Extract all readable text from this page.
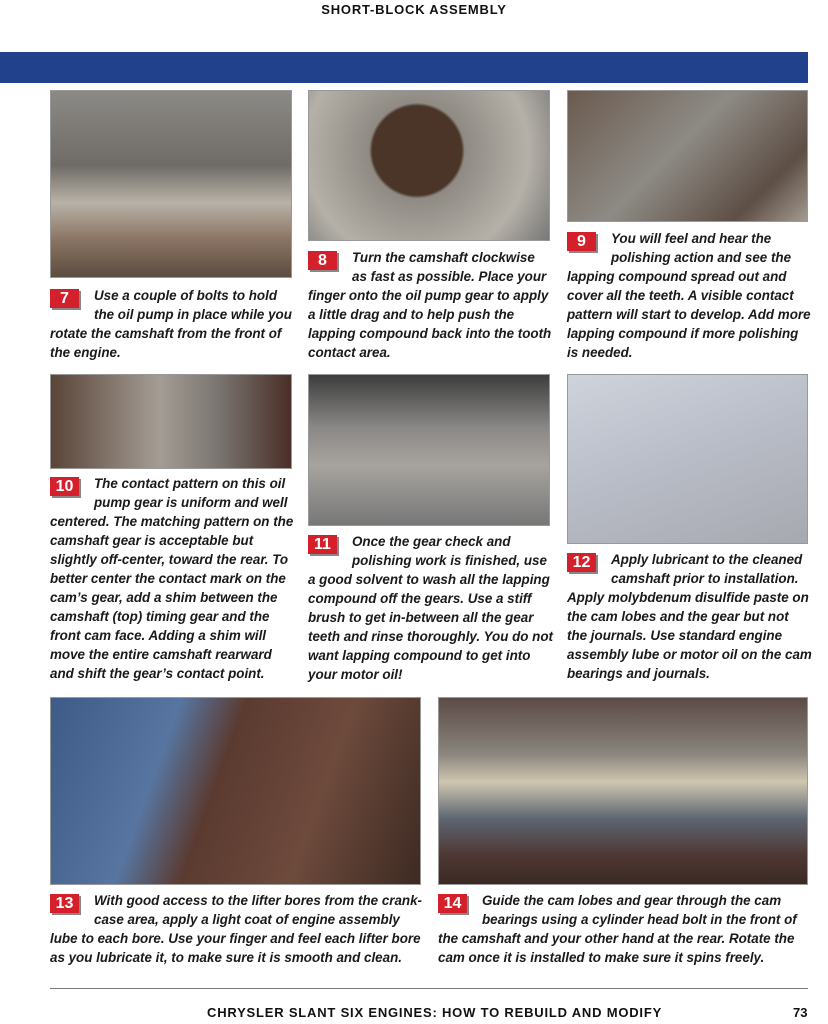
SHORT-BLOCK ASSEMBLY
7	Use a couple of bolts to hold the oil pump in place while you rotate the camshaft from the front of the engine.
8	Turn the camshaft clockwise as fast as possible. Place your finger onto the oil pump gear to apply a little drag and to help push the lapping compound back into the tooth contact area.
9	You will feel and hear the polishing action and see the lapping compound spread out and cover all the teeth. A visible contact pattern will start to develop. Add more lapping compound if more polishing is needed.
10	The contact pattern on this oil pump gear is uniform and well centered. The matching pattern on the camshaft gear is acceptable but slightly off-center, toward the rear. To better center the contact mark on the cam’s gear, add a shim between the camshaft (top) timing gear and the front cam face. Adding a shim will move the entire camshaft rearward and shift the gear’s contact point.
11	Once the gear check and polishing work is finished, use a good solvent to wash all the lapping compound off the gears. Use a stiff brush to get in-between all the gear teeth and rinse thoroughly. You do not want lapping compound to get into your motor oil!
12	Apply lubricant to the cleaned camshaft prior to installation. Apply molybdenum disulfide paste on the cam lobes and the gear but not the journals. Use standard engine assembly lube or motor oil on the cam bearings and journals.
13	With good access to the lifter bores from the crank-case area, apply a light coat of engine assembly lube to each bore. Use your finger and feel each lifter bore as you lubricate it, to make sure it is smooth and clean.
14	Guide the cam lobes and gear through the cam bearings using a cylinder head bolt in the front of the camshaft and your other hand at the rear. Rotate the cam once it is installed to make sure it spins freely.
CHRYSLER SLANT SIX ENGINES: HOW TO REBUILD AND MODIFY	73
